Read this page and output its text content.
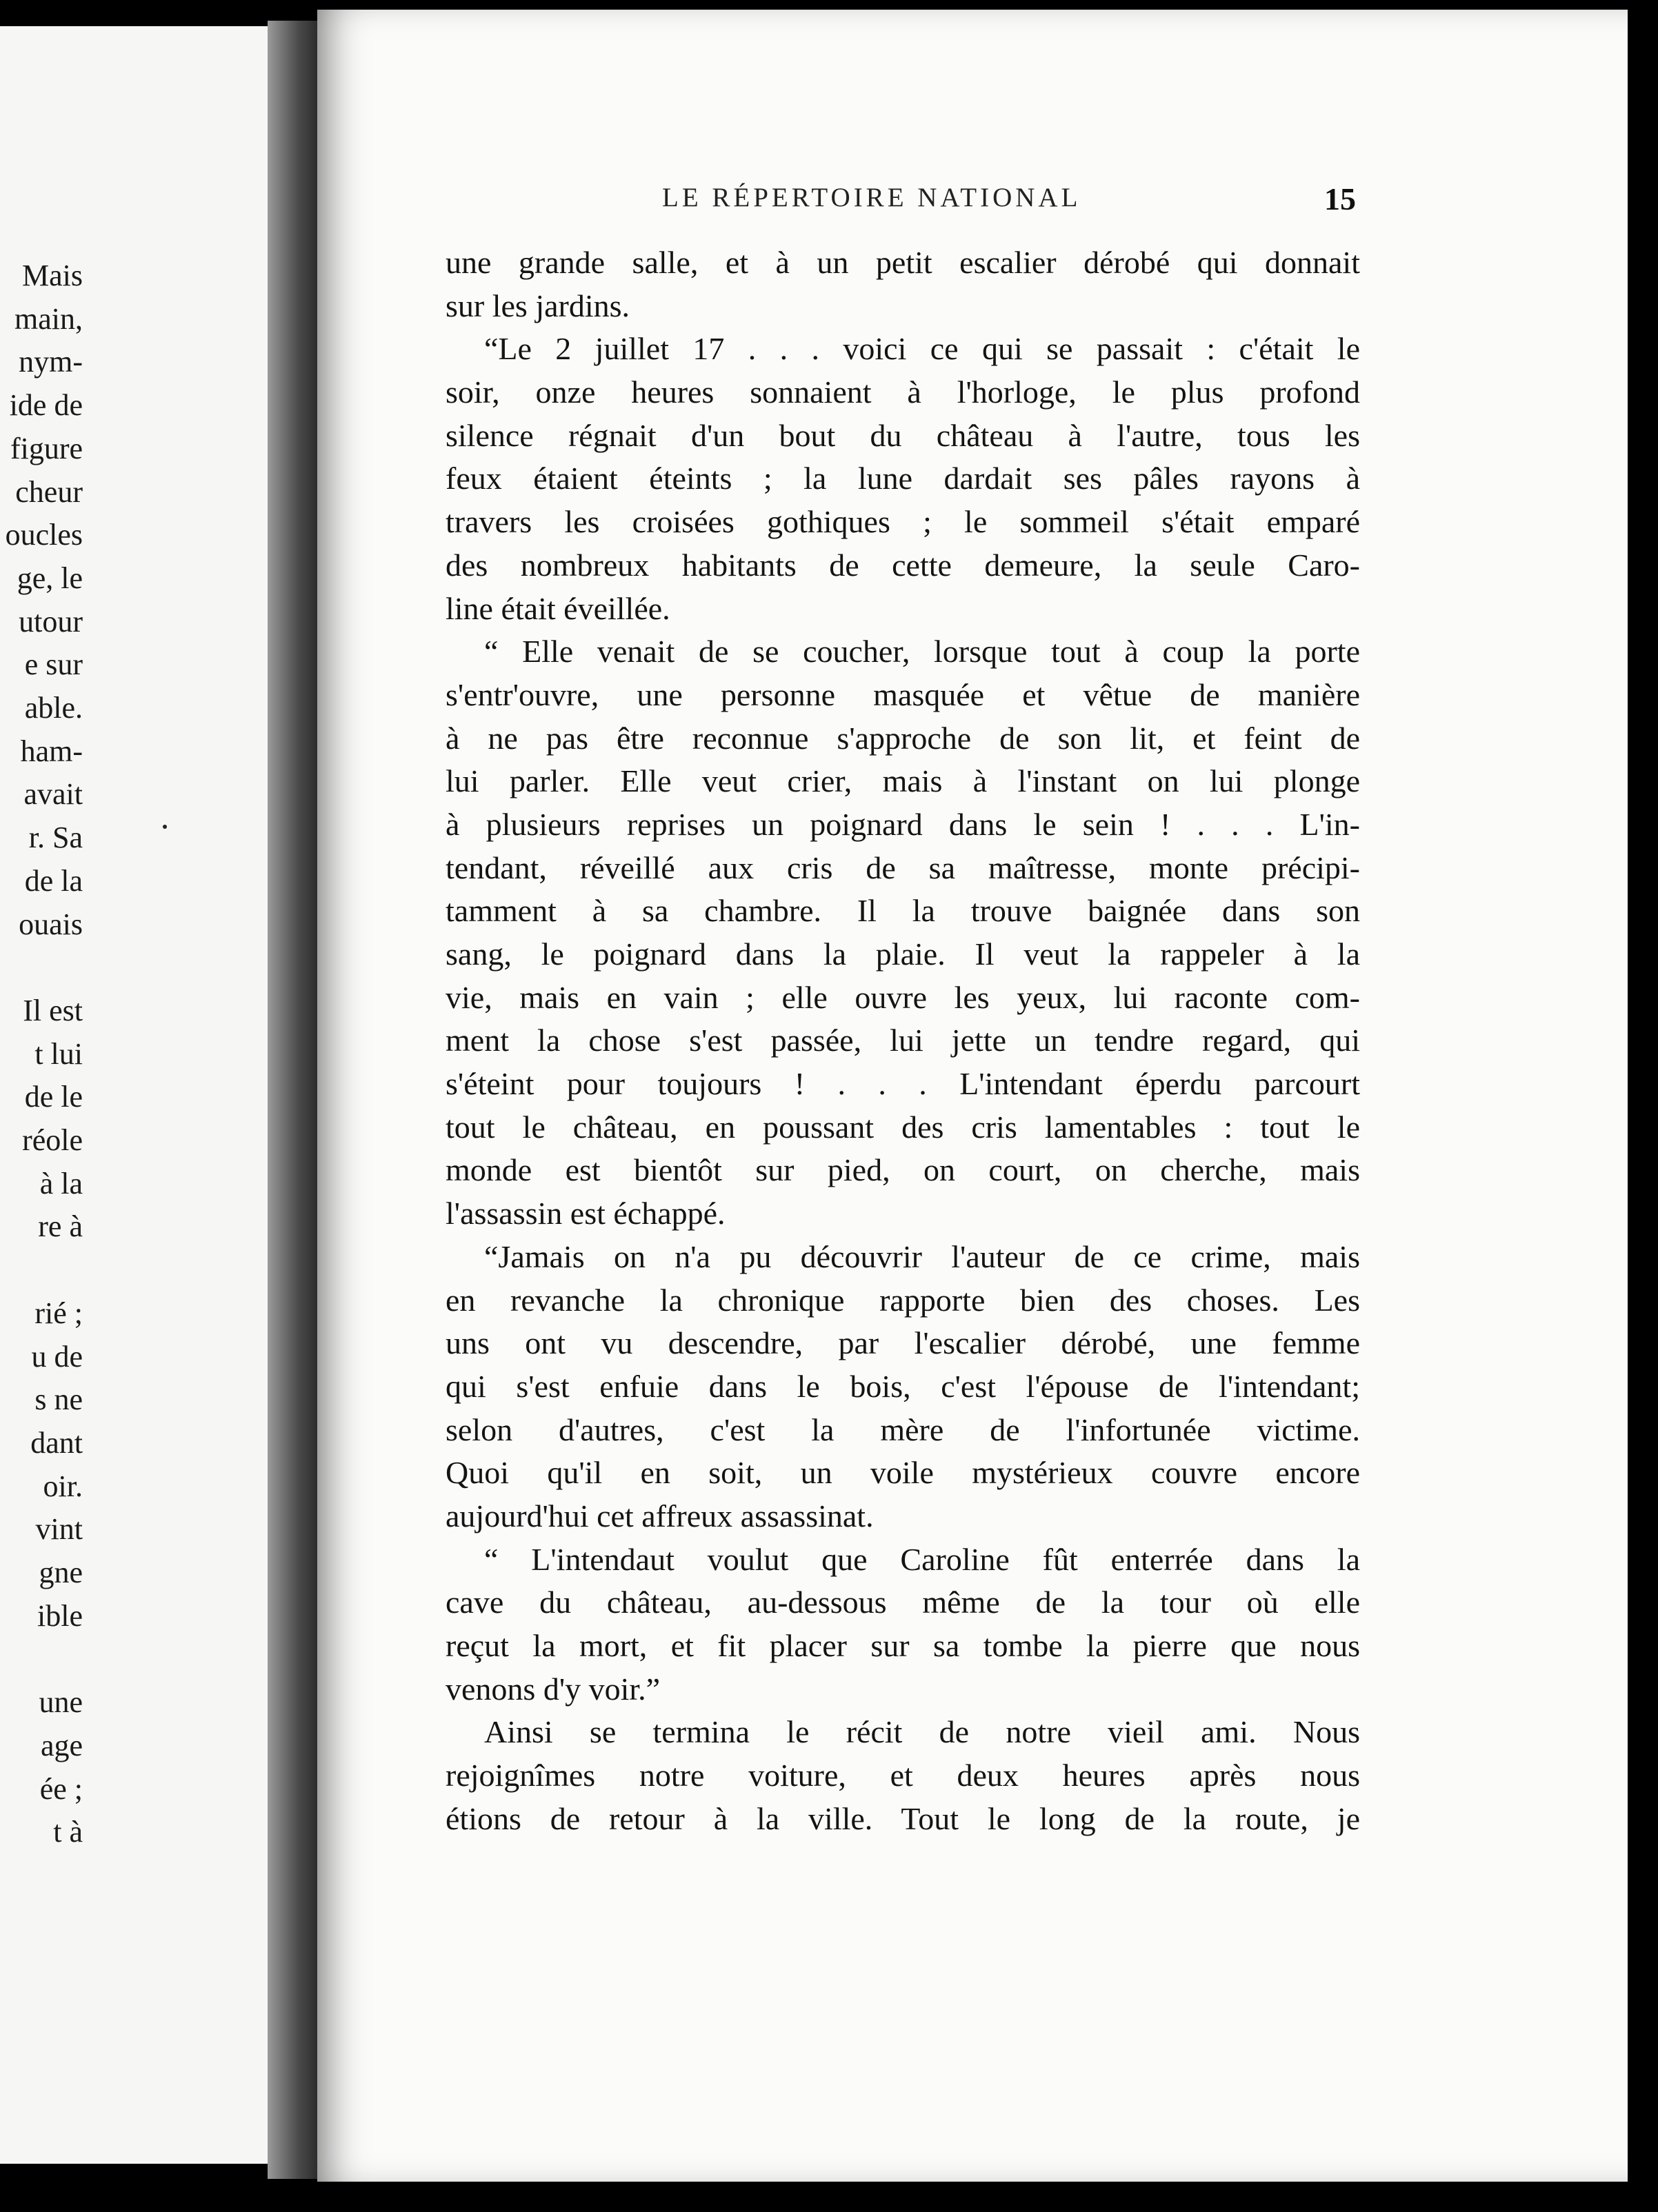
Mais
main,
nym-
ide de
figure
cheur
oucles
ge, le
utour
e sur
able.
ham-
avait
r. Sa
de la
ouais
Il est
t lui
de le
réole
à la
re à
rié ;
u de
s ne
dant
oir.
vint
gne
ible
une
age
ée ;
t à
LE RÉPERTOIRE NATIONAL	15
une grande salle, et à un petit escalier dérobé qui donnait
sur les jardins.
“Le 2 juillet 17 . . . voici ce qui se passait : c'était le
soir, onze heures sonnaient à l'horloge, le plus profond
silence régnait d'un bout du château à l'autre, tous les
feux étaient éteints ; la lune dardait ses pâles rayons à
travers les croisées gothiques ; le sommeil s'était emparé
des nombreux habitants de cette demeure, la seule Caro-
line était éveillée.
“ Elle venait de se coucher, lorsque tout à coup la porte
s'entr'ouvre, une personne masquée et vêtue de manière
à ne pas être reconnue s'approche de son lit, et feint de
lui parler. Elle veut crier, mais à l'instant on lui plonge
à plusieurs reprises un poignard dans le sein ! . . . L'in-
tendant, réveillé aux cris de sa maîtresse, monte précipi-
tamment à sa chambre. Il la trouve baignée dans son
sang, le poignard dans la plaie. Il veut la rappeler à la
vie, mais en vain ; elle ouvre les yeux, lui raconte com-
ment la chose s'est passée, lui jette un tendre regard, qui
s'éteint pour toujours ! . . . L'intendant éperdu parcourt
tout le château, en poussant des cris lamentables : tout le
monde est bientôt sur pied, on court, on cherche, mais
l'assassin est échappé.
“Jamais on n'a pu découvrir l'auteur de ce crime, mais
en revanche la chronique rapporte bien des choses. Les
uns ont vu descendre, par l'escalier dérobé, une femme
qui s'est enfuie dans le bois, c'est l'épouse de l'intendant;
selon d'autres, c'est la mère de l'infortunée victime.
Quoi qu'il en soit, un voile mystérieux couvre encore
aujourd'hui cet affreux assassinat.
“ L'intendaut voulut que Caroline fût enterrée dans la
cave du château, au-dessous même de la tour où elle
reçut la mort, et fit placer sur sa tombe la pierre que nous
venons d'y voir.”
Ainsi se termina le récit de notre vieil ami. Nous
rejoignîmes notre voiture, et deux heures après nous
étions de retour à la ville. Tout le long de la route, je
